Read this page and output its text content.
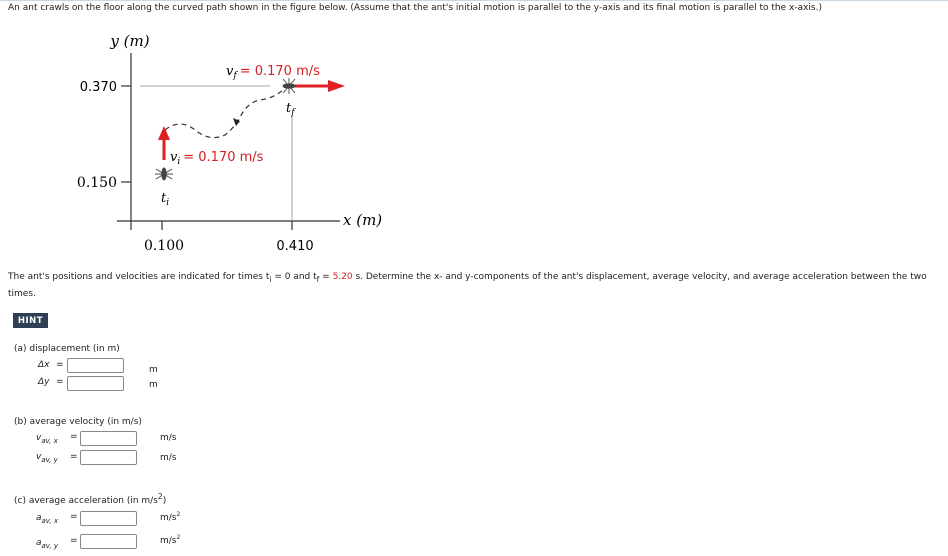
An ant crawls on the floor along the curved path shown in the figure below. (Assume that the ant's initial motion is parallel to the y-axis and its final motion is parallel to the x-axis.)
y (m)
0.370
0.150
0.100	0.410
x (m)
$v_f = 0.170$ m/s
$t_f$
$v_i = 0.170$ m/s
$t_i$
The ant's positions and velocities are indicated for times $t_i = 0$ and $t_f = 5.20$ s. Determine the x- and y-components of the ant's displacement, average velocity, and average acceleration between the two times.
HINT
(a) displacement (in m)
Δx =	m
Δy =	m
(b) average velocity (in m/s)
$v_{av, x}$ =	m/s
$v_{av, y}$ =	m/s
(c) average acceleration (in $m/s^2$)
$a_{av, x}$ =	$m/s^2$
$a_{av, y}$ =	$m/s^2$
